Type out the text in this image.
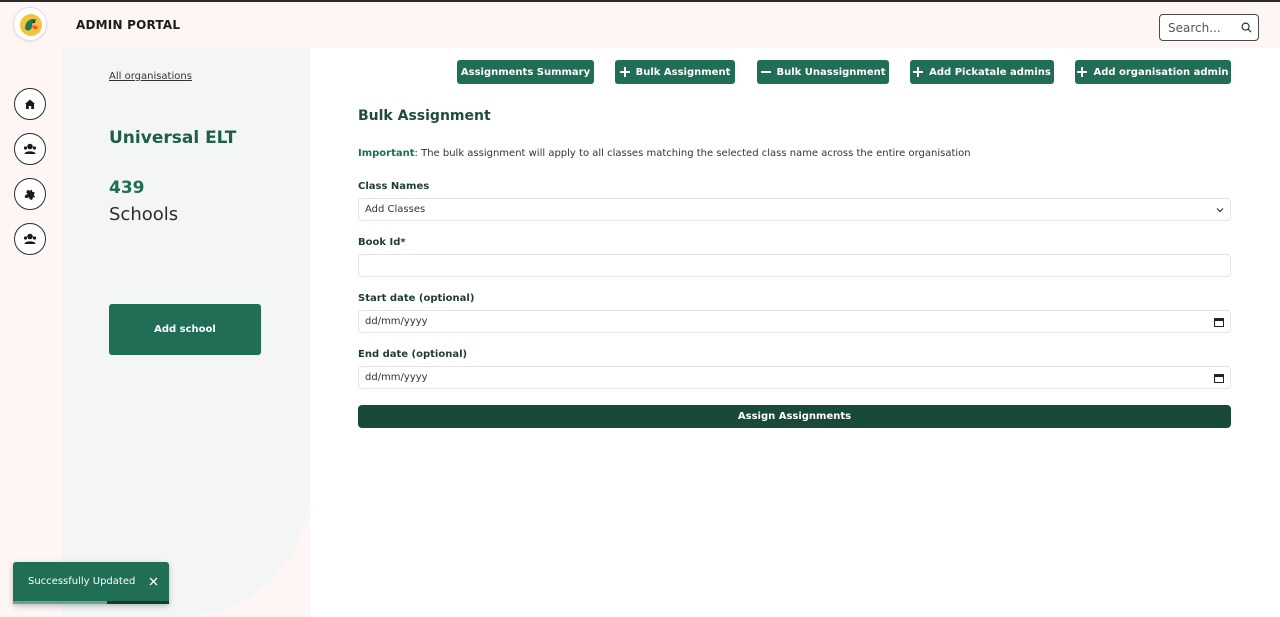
ADMIN PORTAL
Search...
All organisations
Universal ELT
439
Schools
Add school
Assignments Summary	Bulk Assignment	Bulk Unassignment	Add Pickatale admins	Add organisation admin
Bulk Assignment
Important: The bulk assignment will apply to all classes matching the selected class name across the entire organisation
Class Names
Add Classes
Book Id*
Start date (optional)
dd/mm/yyyy
End date (optional)
dd/mm/yyyy
Assign Assignments
Successfully Updated
